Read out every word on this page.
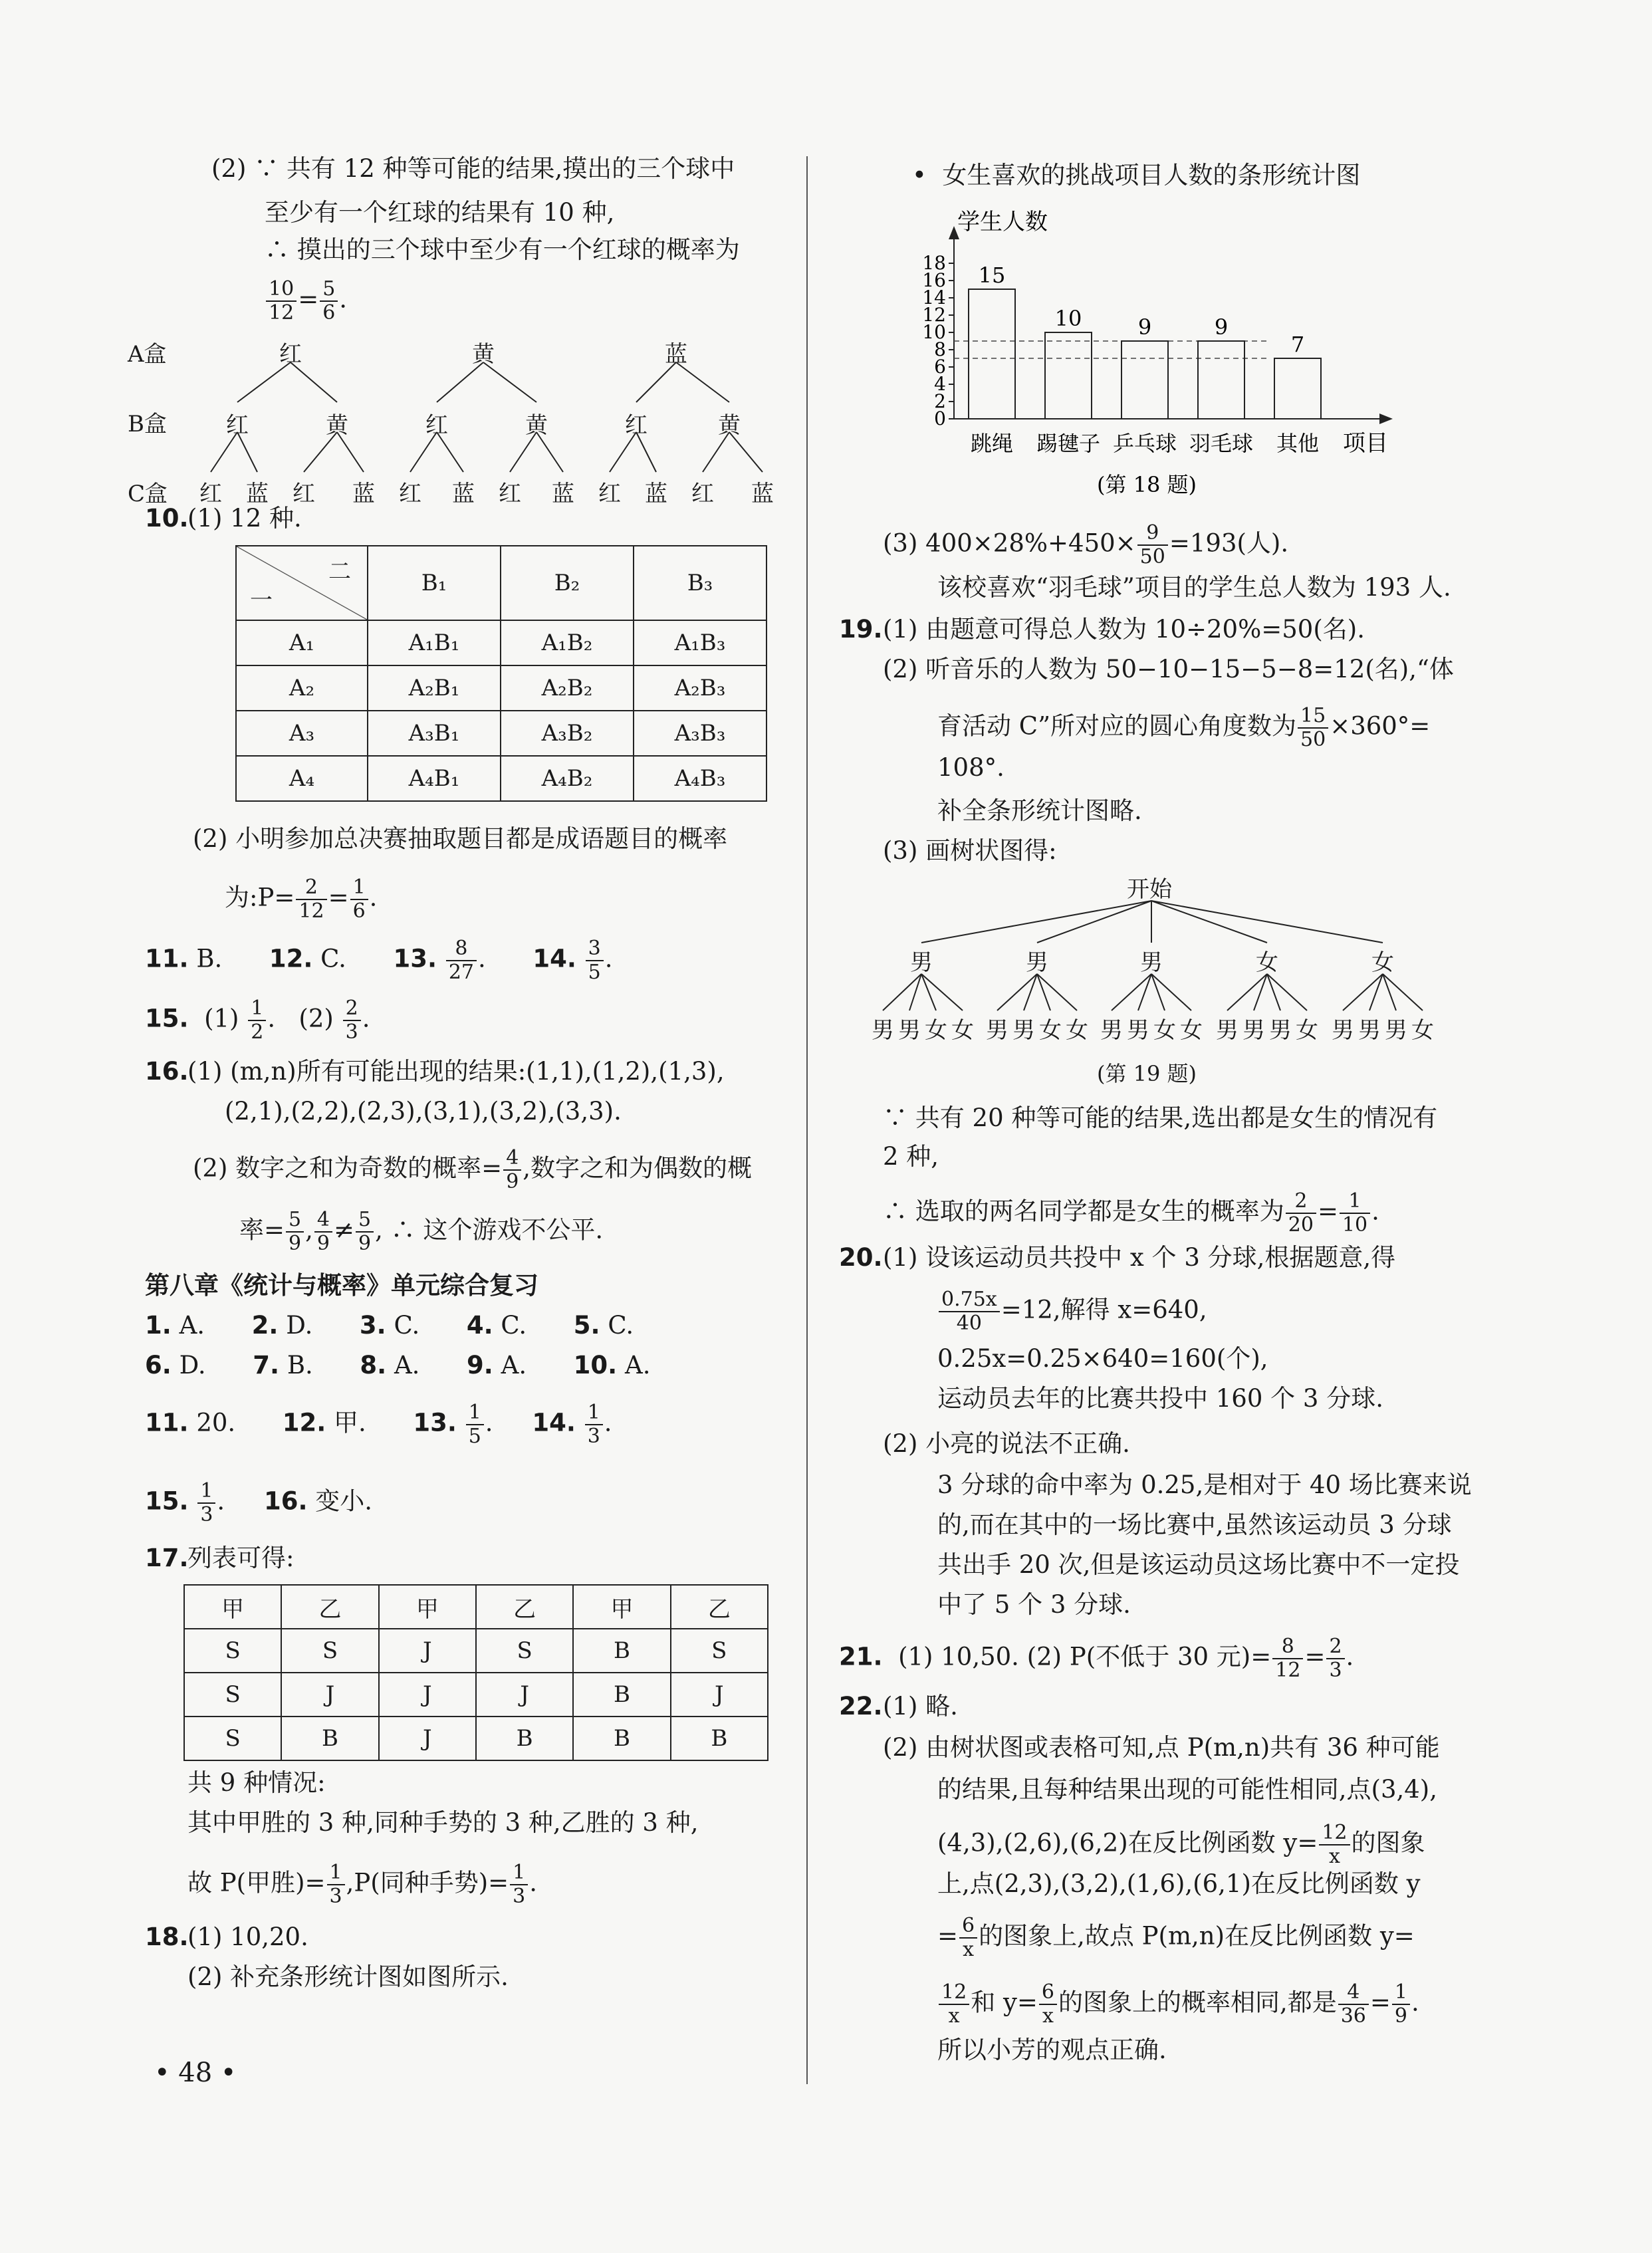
(2) ∵ 共有 12 种等可能的结果,摸出的三个球中
至少有一个红球的结果有 10 种,
∴ 摸出的三个球中至少有一个红球的概率为
$\frac{10}{12} = \frac{5}{6}$ .
A盒
B盒
C盒
红	黄	蓝
红	黄	红	黄	红	黄
红 蓝 红 蓝 红 蓝 红 蓝 红 蓝 红 蓝
10.
(1) 12 种.
二
一	B₁	B₂	B₃
A₁	A₁B₁	A₁B₂	A₁B₃
A₂	A₂B₁	A₂B₂	A₂B₃
A₃	A₃B₁	A₃B₂	A₃B₃
A₄	A₄B₁	A₄B₂	A₄B₃
(2) 小明参加总决赛抽取题目都是成语题目的概率
为:P= $\frac{2}{12} = \frac{1}{6}$ .
11. B. 12. C. 13. $\frac{8}{27}$ .      14. $\frac{3}{5}$ .
15. $(1) \frac{1}{2}$ .   $(2) \frac{2}{3}$ .
16.
(1) (m,n)所有可能出现的结果:(1,1),(1,2),(1,3),
(2,1),(2,2),(2,3),(3,1),(3,2),(3,3).
(2) 数字之和为奇数的概率= $\frac{4}{9}$ ,数字之和为偶数的概
率= $\frac{5}{9}$ , $\frac{4}{9} \ne \frac{5}{9}$ , ∴ 这个游戏不公平.
第八章《统计与概率》单元综合复习
1. A. 2. D. 3. C. 4. C. 5. C.
6. D. 7. B. 8. A. 9. A. 10. A.
11. 20. 12. 甲. 13. $\frac{1}{5}$ .     14. $\frac{1}{3}$ .
15. $\frac{1}{3}$ .     16. 变小.
17.
列表可得:
甲	乙	甲	乙	甲	乙
S	S	J	S	B	S
S	J	J	J	B	J
S	B	J	B	B	B
共 9 种情况:
其中甲胜的 3 种,同种手势的 3 种,乙胜的 3 种,
故 P(甲胜)= $\frac{1}{3} ,P$(同种手势)= $\frac{1}{3}$ .
18.
(1) 10,20.
(2) 补充条形统计图如图所示.
• 48 •
• 女生喜欢的挑战项目人数的条形统计图
学生人数
项目
(第 18 题)
0
2
4
6
8
10
12
14
16
18 15
跳绳
10
踢毽子
9
乒乓球
9
羽毛球
7
其他
(3) $400\times 28\%+450\times \frac{9}{50} =193$(人).
该校喜欢“羽毛球”项目的学生总人数为 193 人.
19. (1) 由题意可得总人数为 10÷20%=50(名).
(2) 听音乐的人数为 50−10−15−5−8=12(名),“体
育活动 C”所对应的圆心角度数为 $\frac{15}{50} \times 360^\circ=$
108°.
补全条形统计图略.
(3) 画树状图得:
开始
男	男	男	女	女
男 男 女 女 男 男 女 女 男 男 女 女 男 男 男 女 男 男 男 女
(第 19 题)
∵ 共有 20 种等可能的结果,选出都是女生的情况有
2 种,
∴ 选取的两名同学都是女生的概率为 $\frac{2}{20} = \frac{1}{10}$ .
20. (1) 设该运动员共投中 x 个 3 分球,根据题意,得
$\frac{0.75x}{40} =12$,解得 x=640,
0.25x=0.25×640=160(个),
运动员去年的比赛共投中 160 个 3 分球.
(2) 小亮的说法不正确.
3 分球的命中率为 0.25,是相对于 40 场比赛来说
的,而在其中的一场比赛中,虽然该运动员 3 分球
共出手 20 次,但是该运动员这场比赛中不一定投
中了 5 个 3 分球.
21. (1) 10,50. (2) P(不低于 30 元)= $\frac{8}{12} = \frac{2}{3}$ .
22. (1) 略.
(2) 由树状图或表格可知,点 P(m,n)共有 36 种可能
的结果,且每种结果出现的可能性相同,点(3,4),
(4,3),(2,6),(6,2)在反比例函数 $y= \frac{12}{x}$ 的图象
上,点(2,3),(3,2),(1,6),(6,1)在反比例函数 y
= $\frac{6}{x}$ 的图象上,故点 P(m,n)在反比例函数 y=
$\frac{12}{x}$ 和 $y= \frac{6}{x}$ 的图象上的概率相同,都是 $\frac{4}{36} = \frac{1}{9}$ .
所以小芳的观点正确.
